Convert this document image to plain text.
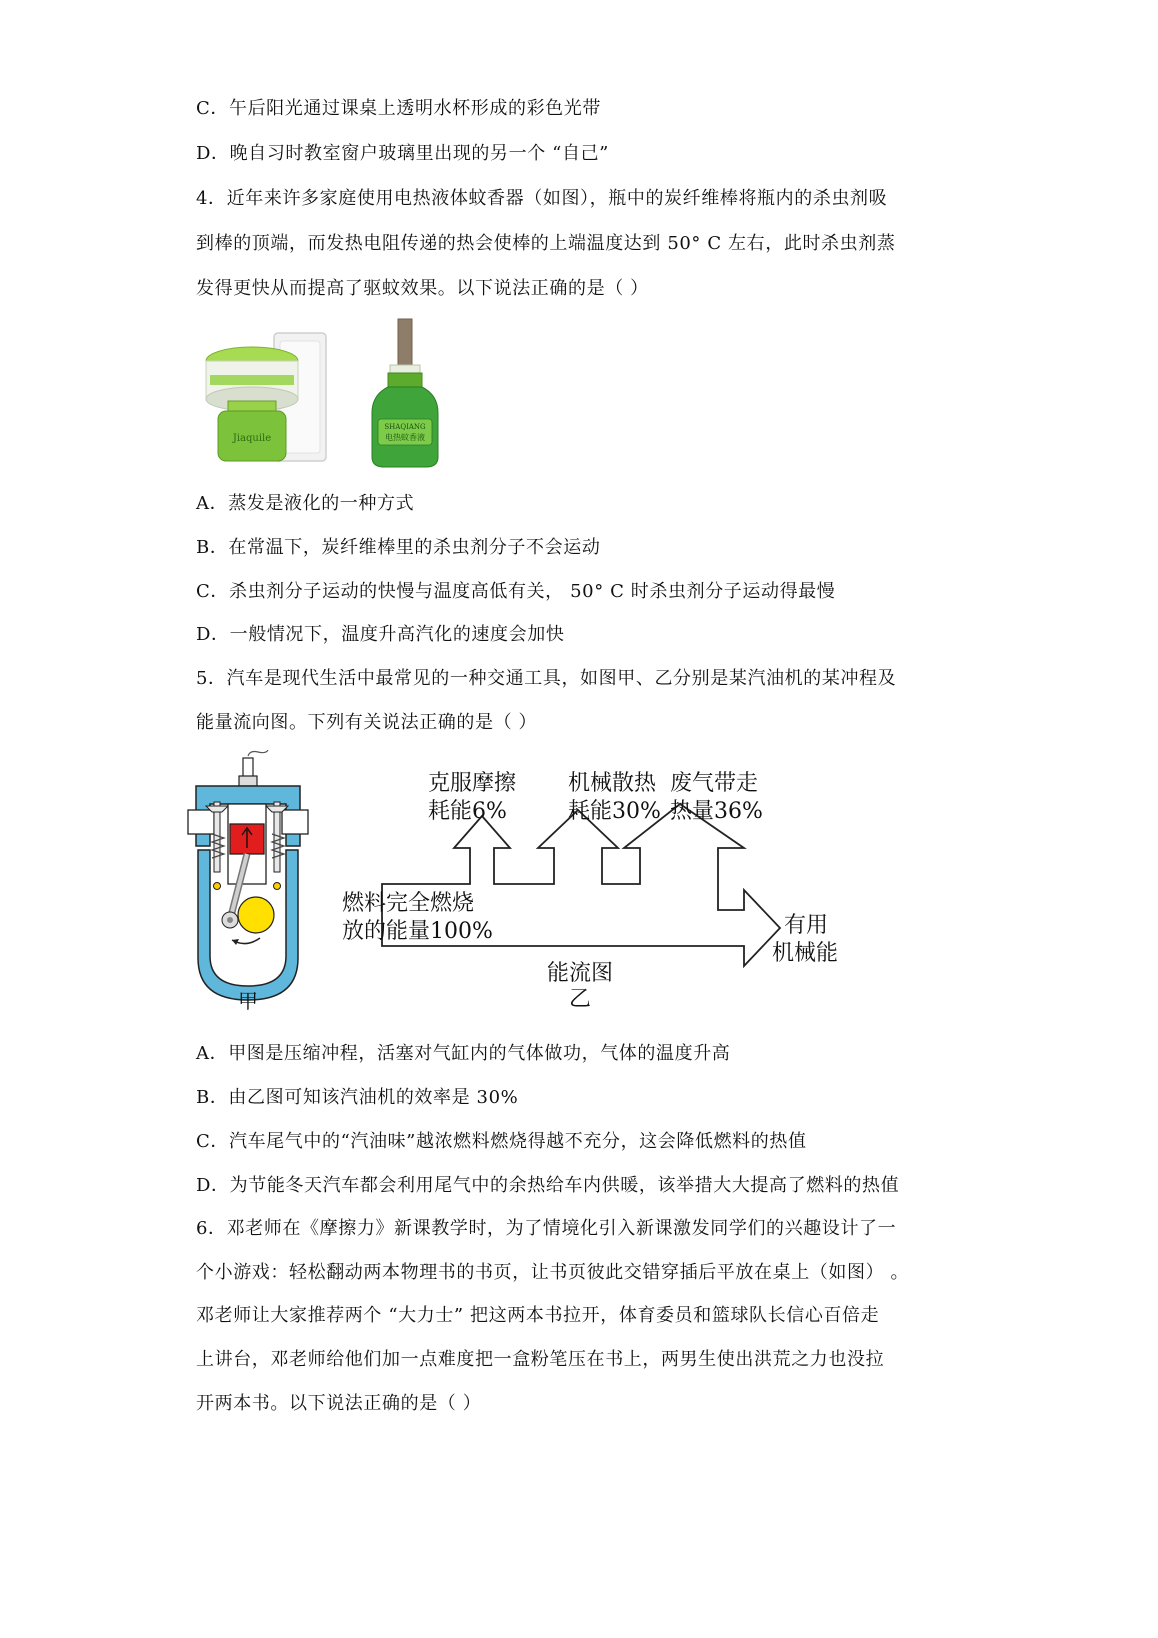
C．午后阳光通过课桌上透明水杯形成的彩色光带
D．晚自习时教室窗户玻璃里出现的另一个 “自己”
4．近年来许多家庭使用电热液体蚊香器（如图），瓶中的炭纤维棒将瓶内的杀虫剂吸
到棒的顶端，而发热电阻传递的热会使棒的上端温度达到 50° C 左右，此时杀虫剂蒸
发得更快从而提高了驱蚊效果。以下说法正确的是（ ）
Jiaquile
SHAQIANG
电热蚊香液
A．蒸发是液化的一种方式
B．在常温下，炭纤维棒里的杀虫剂分子不会运动
C．杀虫剂分子运动的快慢与温度高低有关， 50° C 时杀虫剂分子运动得最慢
D．一般情况下，温度升高汽化的速度会加快
5．汽车是现代生活中最常见的一种交通工具，如图甲、乙分别是某汽油机的某冲程及
能量流向图。下列有关说法正确的是（ ）
甲
克服摩擦
耗能6%
机械散热
耗能30%
废气带走
热量36%
燃料完全燃烧
放的能量100%	有用
机械能
能流图
乙
A．甲图是压缩冲程，活塞对气缸内的气体做功，气体的温度升高
B．由乙图可知该汽油机的效率是 30%
C．汽车尾气中的“汽油味”越浓燃料燃烧得越不充分，这会降低燃料的热值
D．为节能冬天汽车都会利用尾气中的余热给车内供暖，该举措大大提高了燃料的热值
6．邓老师在《摩擦力》新课教学时，为了情境化引入新课激发同学们的兴趣设计了一
个小游戏：轻松翻动两本物理书的书页，让书页彼此交错穿插后平放在桌上（如图） 。
邓老师让大家推荐两个 “大力士” 把这两本书拉开，体育委员和篮球队长信心百倍走
上讲台，邓老师给他们加一点难度把一盒粉笔压在书上，两男生使出洪荒之力也没拉
开两本书。以下说法正确的是（ ）
